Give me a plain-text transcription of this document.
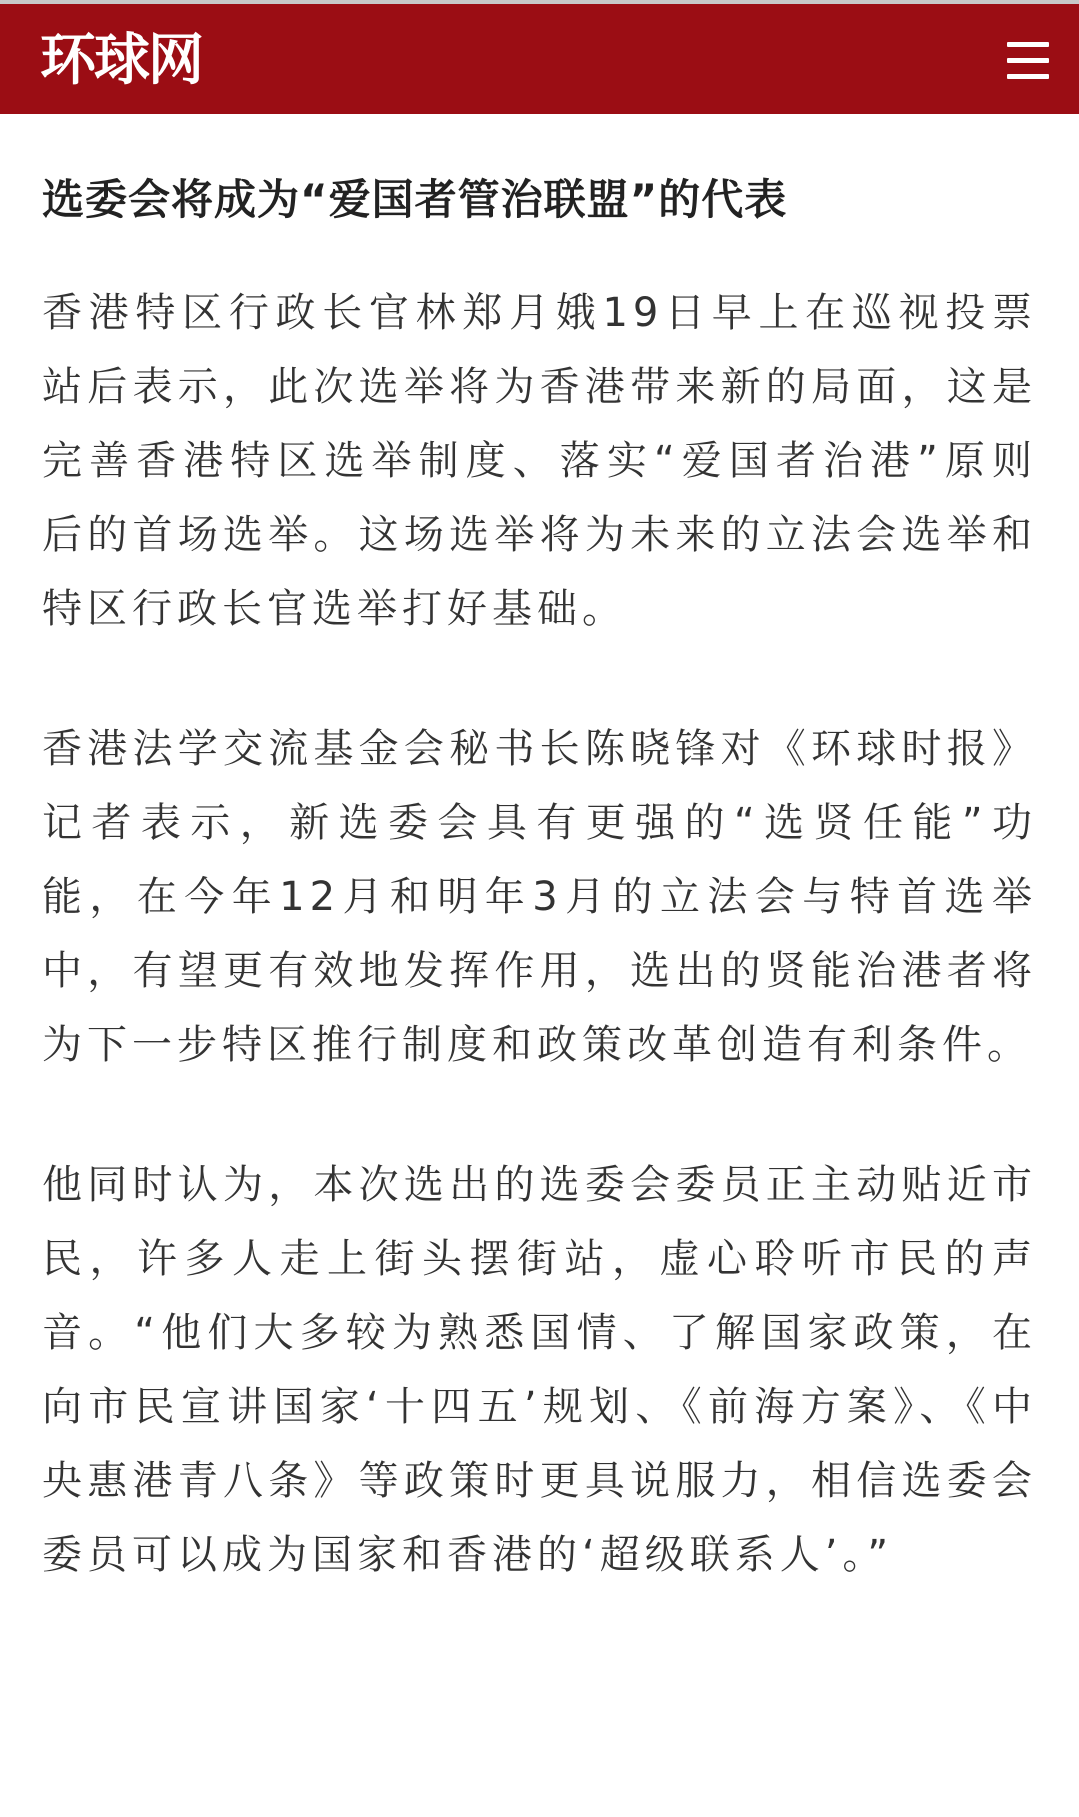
环球网
选委会将成为“爱国者管治联盟”的代表

香港特区行政长官林郑月娥19日早上在巡视投票站后表示，此次选举将为香港带来新的局面，这是完善香港特区选举制度、落实“爱国者治港”原则后的首场选举。这场选举将为未来的立法会选举和特区行政长官选举打好基础。

香港法学交流基金会秘书长陈晓锋对《环球时报》记者表示，新选委会具有更强的“选贤任能”功能，在今年12月和明年3月的立法会与特首选举中，有望更有效地发挥作用，选出的贤能治港者将为下一步特区推行制度和政策改革创造有利条件。

他同时认为，本次选出的选委会委员正主动贴近市民，许多人走上街头摆街站，虚心聆听市民的声音。“他们大多较为熟悉国情、了解国家政策，在向市民宣讲国家‘十四五’规划、《前海方案》、《中央惠港青八条》等政策时更具说服力，相信选委会委员可以成为国家和香港的‘超级联系人’。”
